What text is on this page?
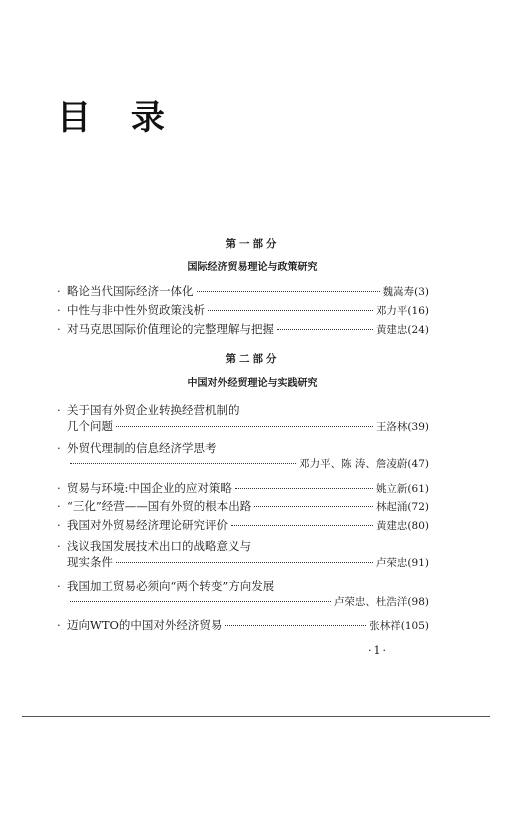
目 录
第一部分
国际经济贸易理论与政策研究
· 略论当代国际经济一体化	魏嵩寿(3)
· 中性与非中性外贸政策浅析	邓力平(16)
· 对马克思国际价值理论的完整理解与把握	黄建忠(24)
第二部分
中国对外经贸理论与实践研究
· 关于国有外贸企业转换经营机制的
几个问题	王洛林(39)
· 外贸代理制的信息经济学思考
邓力平、陈 涛、詹凌蔚(47)
· 贸易与环境:中国企业的应对策略	姚立新(61)
· “三化”经营——国有外贸的根本出路	林起涌(72)
· 我国对外贸易经济理论研究评价	黄建忠(80)
· 浅议我国发展技术出口的战略意义与
现实条件	卢荣忠(91)
· 我国加工贸易必须向“两个转变”方向发展
卢荣忠、杜浩洋(98)
· 迈向WTO的中国对外经济贸易	张林祥(105)
·1·
